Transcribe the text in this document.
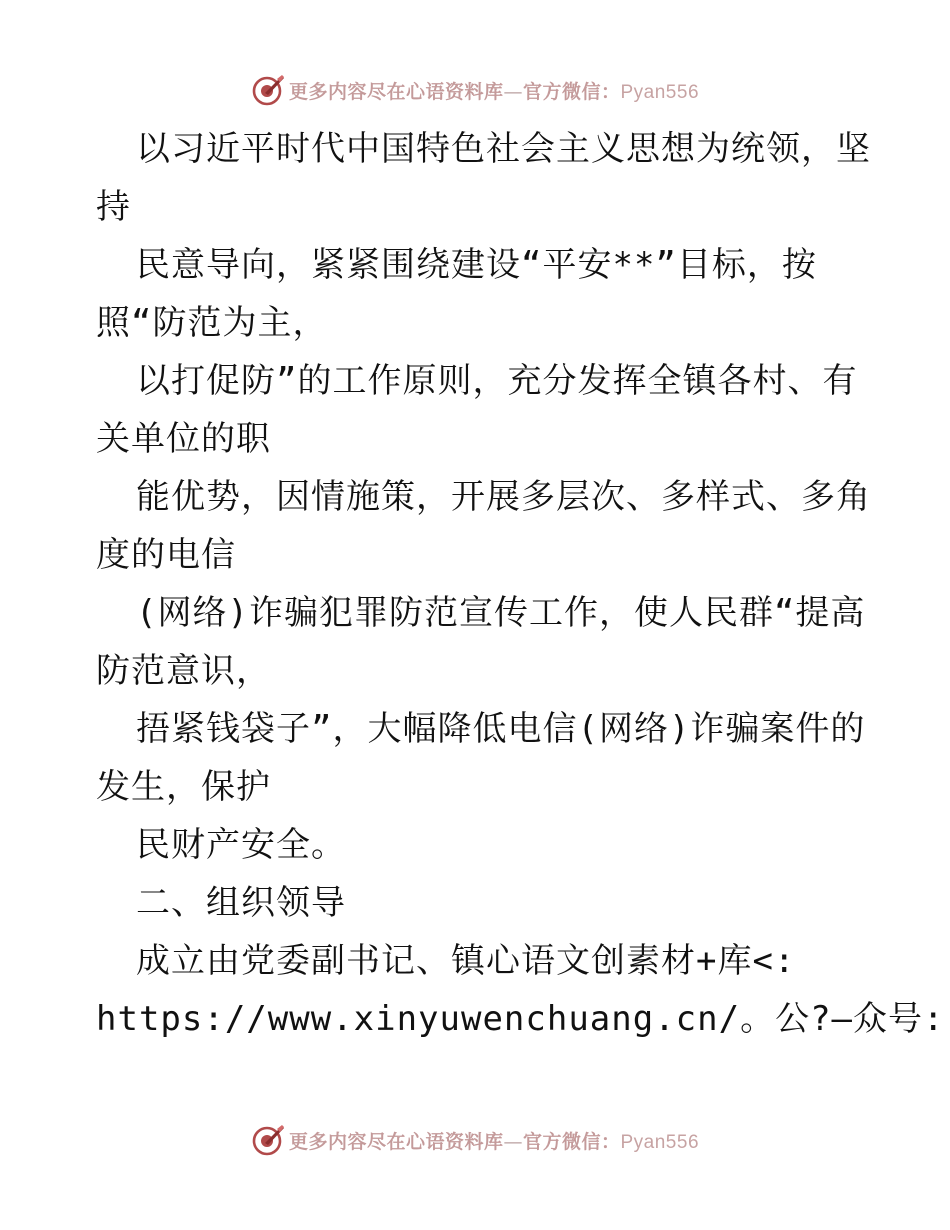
更多内容尽在心语资料库—官方微信：Pyan556
以习近平时代中国特色社会主义思想为统领，坚
持
民意导向，紧紧围绕建设“平安**”目标，按
照“防范为主，
以打促防”的工作原则，充分发挥全镇各村、有
关单位的职
能优势，因情施策，开展多层次、多样式、多角
度的电信
(网络)诈骗犯罪防范宣传工作，使人民群“提高
防范意识，
捂紧钱袋子”，大幅降低电信(网络)诈骗案件的
发生，保护
民财产安全。
二、组织领导
成立由党委副书记、镇心语文创素材+库<:
https://www.xinyuwenchuang.cn/。公?—众号:
更多内容尽在心语资料库—官方微信：Pyan556
